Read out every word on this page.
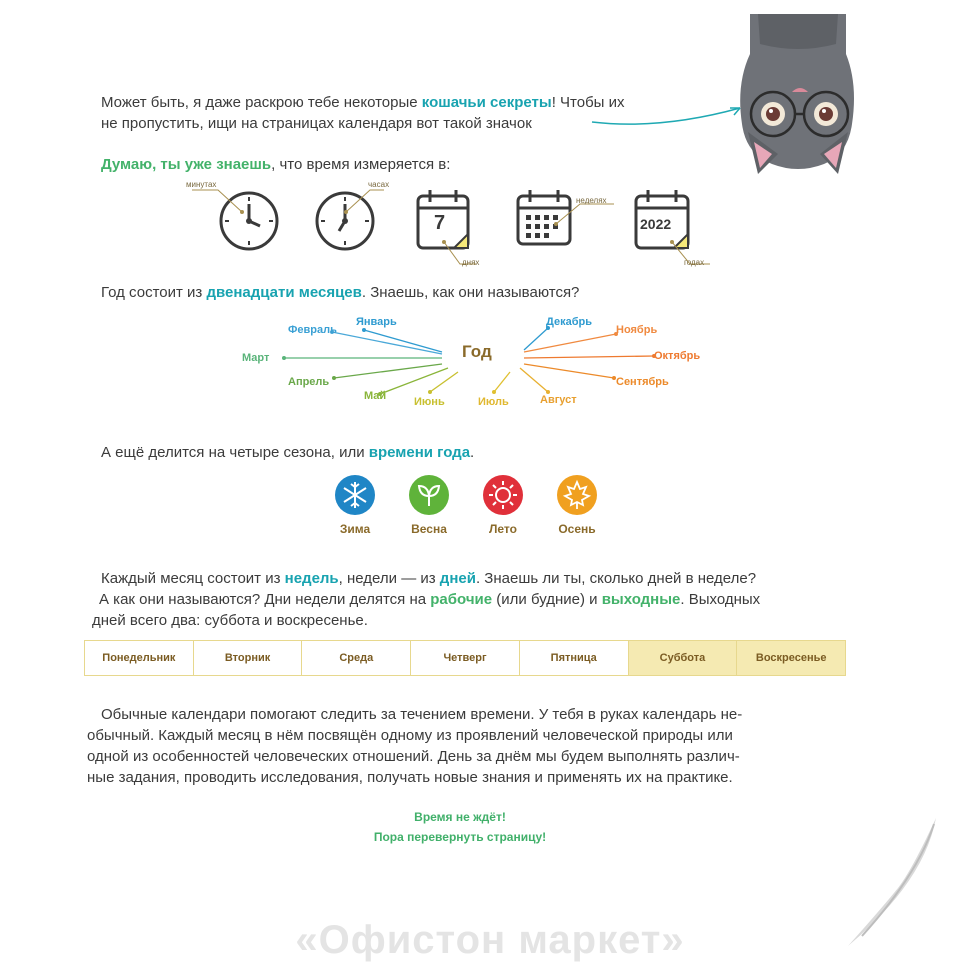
Может быть, я даже раскрою тебе некоторые кошачьи секреты! Чтобы их
не пропустить, ищи на страницах календаря вот такой значок
Думаю, ты уже знаешь, что время измеряется в:
минутах	часах
7
днях
неделях
2022
годах
Год состоит из двенадцати месяцев. Знаешь, как они называются?
Год
Февраль
Январь
Март
Апрель
Май	Июнь	Июль	Август
Сентябрь
Октябрь
Ноябрь
Декабрь
А ещё делится на четыре сезона, или времени года.
Зима	Весна	Лето	Осень
Каждый месяц состоит из недель, недели — из дней. Знаешь ли ты, сколько дней в неделе?
А как они называются? Дни недели делятся на рабочие (или будние) и выходные. Выходных
дней всего два: суббота и воскресенье.
Понедельник	Вторник	Среда	Четверг	Пятница	Суббота	Воскресенье
Обычные календари помогают следить за течением времени. У тебя в руках календарь не-
обычный. Каждый месяц в нём посвящён одному из проявлений человеческой природы или
одной из особенностей человеческих отношений. День за днём мы будем выполнять различ-
ные задания, проводить исследования, получать новые знания и применять их на практике.
Время не ждёт!
Пора перевернуть страницу!
«Офистон маркет»
